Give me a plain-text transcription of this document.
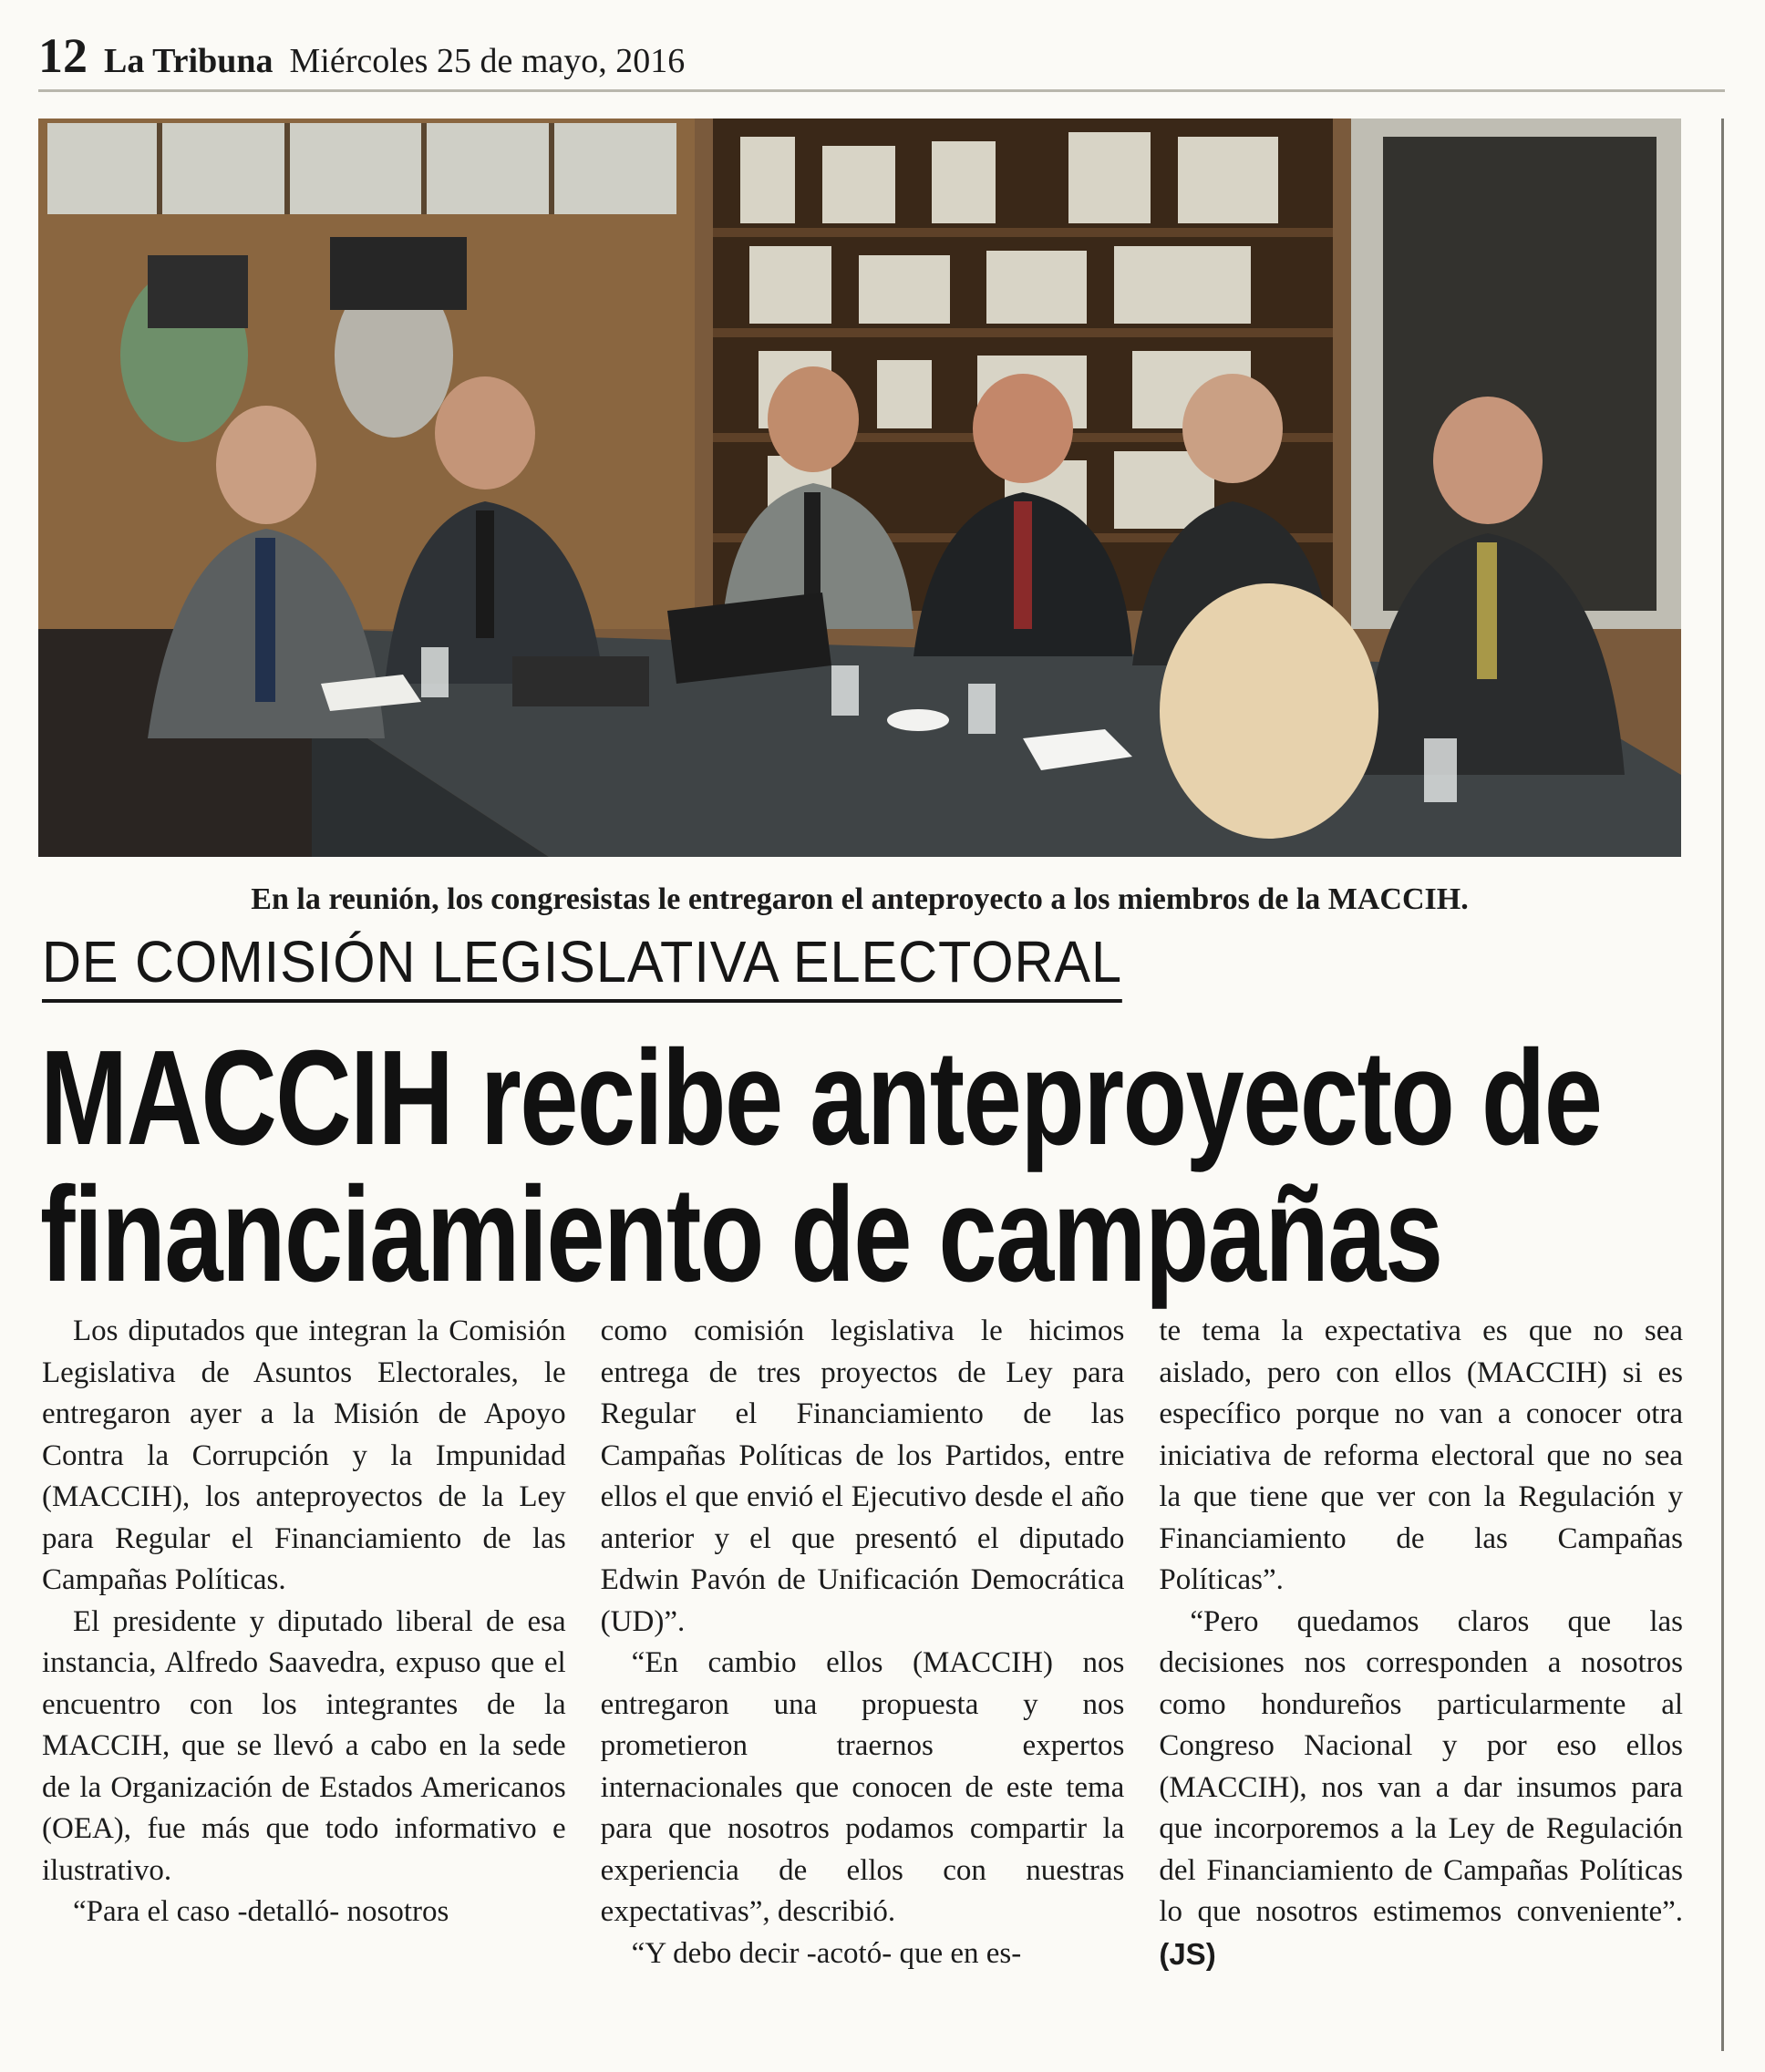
12 La Tribuna Miércoles 25 de mayo, 2016
En la reunión, los congresistas le entregaron el anteproyecto a los miembros de la MACCIH.
DE COMISIÓN LEGISLATIVA ELECTORAL
MACCIH recibe anteproyecto de
financiamiento de campañas

Los diputados que integran la Comisión Legislativa de Asuntos Electorales, le entregaron ayer a la Misión de Apoyo Contra la Corrupción y la Impunidad (MACCIH), los anteproyectos de la Ley para Regular el Financiamiento de las Campañas Políticas.

El presidente y diputado liberal de esa instancia, Alfredo Saavedra, expuso que el encuentro con los integrantes de la MACCIH, que se llevó a cabo en la sede de la Organización de Estados Americanos (OEA), fue más que todo informativo e ilustrativo.

“Para el caso -detalló- nosotros

como comisión legislativa le hicimos entrega de tres proyectos de Ley para Regular el Financiamiento de las Campañas Políticas de los Partidos, entre ellos el que envió el Ejecutivo desde el año anterior y el que presentó el diputado Edwin Pavón de Unificación Democrática (UD)”.

“En cambio ellos (MACCIH) nos entregaron una propuesta y nos prometieron traernos expertos internacionales que conocen de este tema para que nosotros podamos compartir la experiencia de ellos con nuestras expectativas”, describió.

“Y debo decir -acotó- que en es-

te tema la expectativa es que no sea aislado, pero con ellos (MACCIH) si es específico porque no van a conocer otra iniciativa de reforma electoral que no sea la que tiene que ver con la Regulación y Financiamiento de las Campañas Políticas”.

“Pero quedamos claros que las decisiones nos corresponden a nosotros como hondureños particularmente al Congreso Nacional y por eso ellos (MACCIH), nos van a dar insumos para que incorporemos a la Ley de Regulación del Financiamiento de Campañas Políticas lo que nosotros estimemos conveniente”. (JS)
